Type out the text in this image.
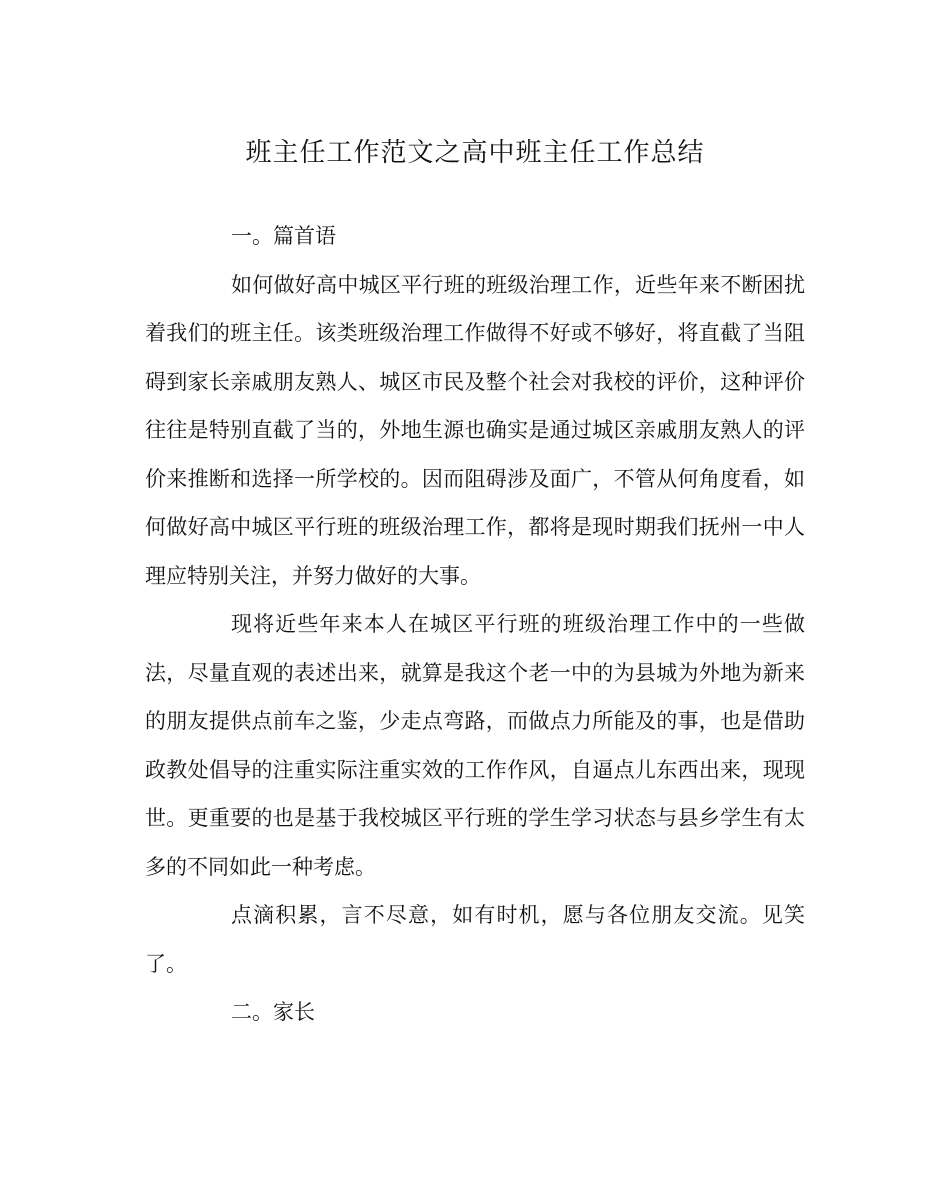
班主任工作范文之高中班主任工作总结

一。篇首语

如何做好高中城区平行班的班级治理工作，近些年来不断困扰着我们的班主任。该类班级治理工作做得不好或不够好，将直截了当阻碍到家长亲戚朋友熟人、城区市民及整个社会对我校的评价，这种评价往往是特别直截了当的，外地生源也确实是通过城区亲戚朋友熟人的评价来推断和选择一所学校的。因而阻碍涉及面广，不管从何角度看，如何做好高中城区平行班的班级治理工作，都将是现时期我们抚州一中人理应特别关注，并努力做好的大事。

现将近些年来本人在城区平行班的班级治理工作中的一些做法，尽量直观的表述出来，就算是我这个老一中的为县城为外地为新来的朋友提供点前车之鉴，少走点弯路，而做点力所能及的事，也是借助政教处倡导的注重实际注重实效的工作作风，自逼点儿东西出来，现现世。更重要的也是基于我校城区平行班的学生学习状态与县乡学生有太多的不同如此一种考虑。

点滴积累，言不尽意，如有时机，愿与各位朋友交流。见笑了。

二。家长
